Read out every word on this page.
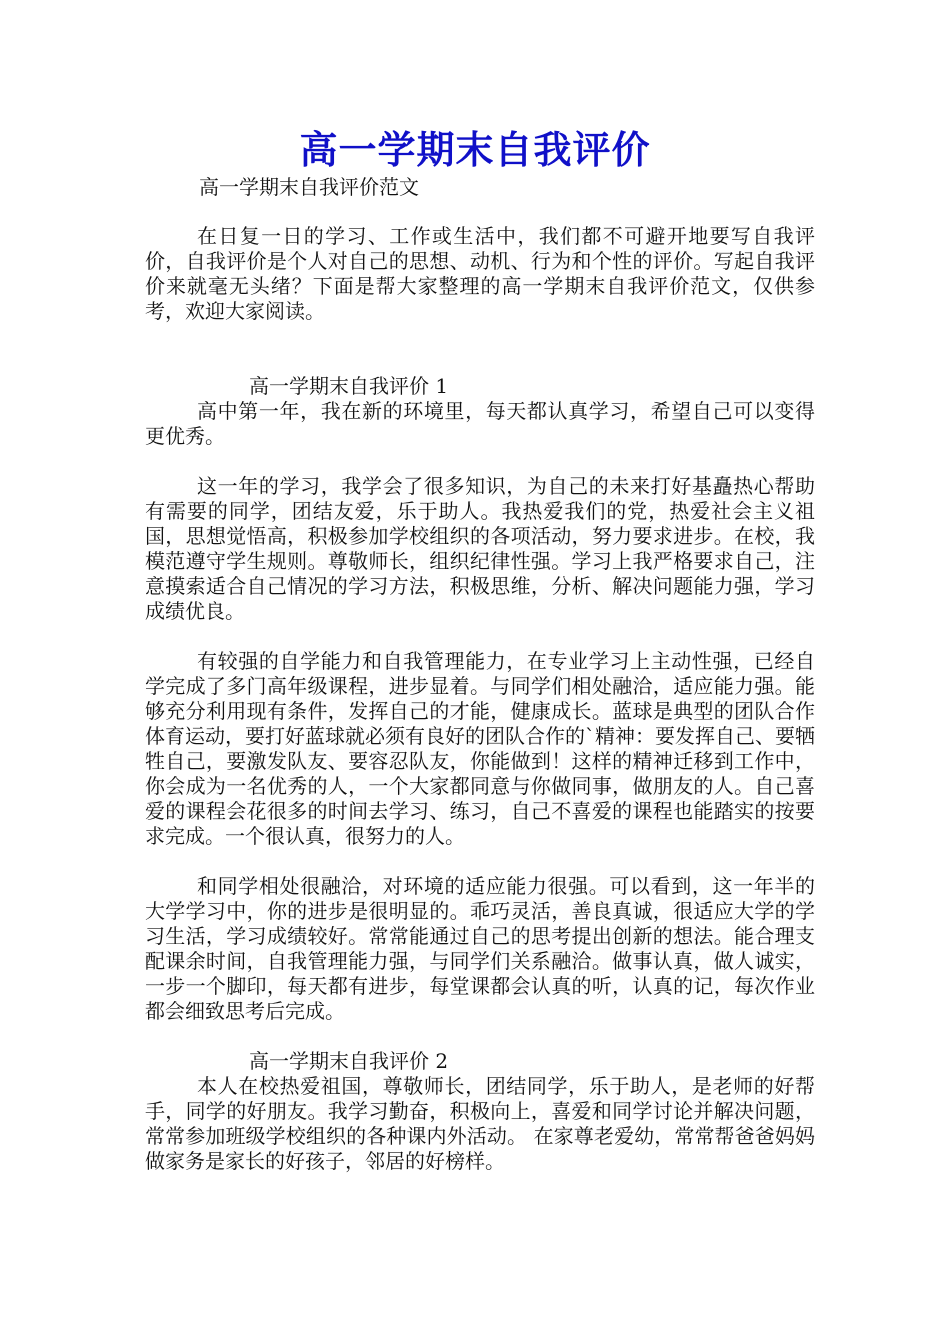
高一学期末自我评价
高一学期末自我评价范文

在日复一日的学习、工作或生活中，我们都不可避开地要写自我评价，自我评价是个人对自己的思想、动机、行为和个性的评价。写起自我评价来就毫无头绪？下面是帮大家整理的高一学期末自我评价范文，仅供参考，欢迎大家阅读。

高一学期末自我评价 1

高中第一年，我在新的环境里，每天都认真学习，希望自己可以变得更优秀。

这一年的学习，我学会了很多知识，为自己的未来打好基矗热心帮助有需要的同学，团结友爱，乐于助人。我热爱我们的党，热爱社会主义祖国，思想觉悟高，积极参加学校组织的各项活动，努力要求进步。在校，我模范遵守学生规则。尊敬师长，组织纪律性强。学习上我严格要求自己，注意摸索适合自己情况的学习方法，积极思维，分析、解决问题能力强，学习成绩优良。

有较强的自学能力和自我管理能力，在专业学习上主动性强，已经自学完成了多门高年级课程，进步显着。与同学们相处融洽，适应能力强。能够充分利用现有条件，发挥自己的才能，健康成长。蓝球是典型的团队合作体育运动，要打好蓝球就必须有良好的团队合作的`精神：要发挥自己、要牺牲自己，要激发队友、要容忍队友，你能做到！这样的精神迁移到工作中，你会成为一名优秀的人，一个大家都同意与你做同事，做朋友的人。自己喜爱的课程会花很多的时间去学习、练习，自己不喜爱的课程也能踏实的按要求完成。一个很认真，很努力的人。

和同学相处很融洽，对环境的适应能力很强。可以看到，这一年半的大学学习中，你的进步是很明显的。乖巧灵活，善良真诚，很适应大学的学习生活，学习成绩较好。常常能通过自己的思考提出创新的想法。能合理支配课余时间，自我管理能力强，与同学们关系融洽。做事认真，做人诚实，一步一个脚印，每天都有进步，每堂课都会认真的听，认真的记，每次作业都会细致思考后完成。

高一学期末自我评价 2

本人在校热爱祖国，尊敬师长，团结同学，乐于助人，是老师的好帮手，同学的好朋友。我学习勤奋，积极向上，喜爱和同学讨论并解决问题，常常参加班级学校组织的各种课内外活动。 在家尊老爱幼，常常帮爸爸妈妈做家务是家长的好孩子，邻居的好榜样。
